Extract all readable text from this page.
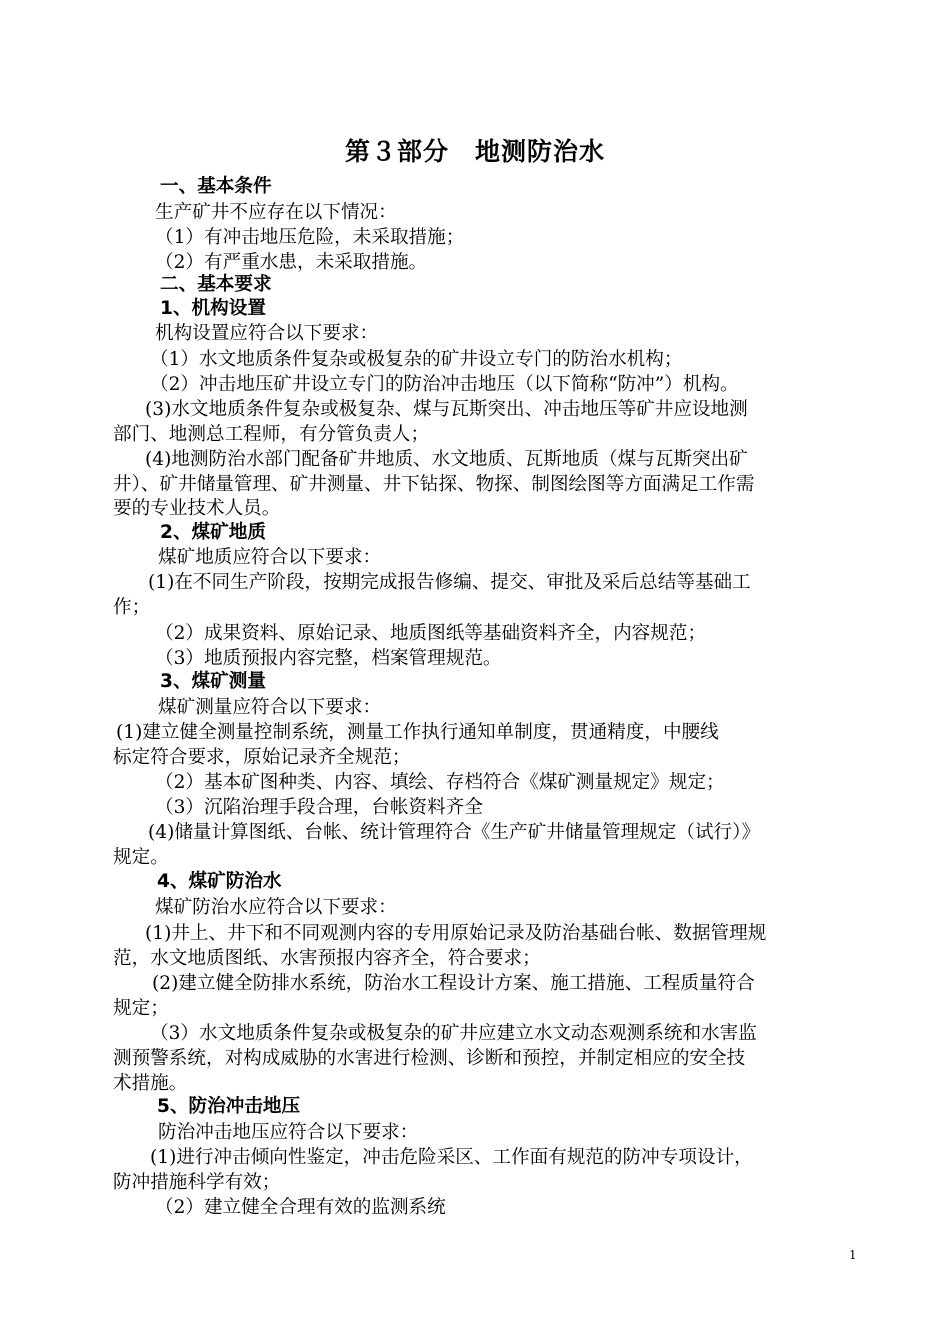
第３部分　地测防治水
一、基本条件
生产矿井不应存在以下情况：
（1）有冲击地压危险，未采取措施；
（2）有严重水患，未采取措施。
二、基本要求
1、机构设置
机构设置应符合以下要求：
（1）水文地质条件复杂或极复杂的矿井设立专门的防治水机构；
（2）冲击地压矿井设立专门的防治冲击地压（以下简称“防冲”）机构。
(3)水文地质条件复杂或极复杂、煤与瓦斯突出、冲击地压等矿井应设地测
部门、地测总工程师，有分管负责人；
(4)地测防治水部门配备矿井地质、水文地质、瓦斯地质（煤与瓦斯突出矿
井）、矿井储量管理、矿井测量、井下钻探、物探、制图绘图等方面满足工作需
要的专业技术人员。
2、煤矿地质
煤矿地质应符合以下要求：
(1)在不同生产阶段，按期完成报告修编、提交、审批及采后总结等基础工
作；
（2）成果资料、原始记录、地质图纸等基础资料齐全，内容规范；
（3）地质预报内容完整，档案管理规范。
3、煤矿测量
煤矿测量应符合以下要求：
(1)建立健全测量控制系统，测量工作执行通知单制度，贯通精度，中腰线
标定符合要求，原始记录齐全规范；
（2）基本矿图种类、内容、填绘、存档符合《煤矿测量规定》规定；
（3）沉陷治理手段合理，台帐资料齐全
(4)储量计算图纸、台帐、统计管理符合《生产矿井储量管理规定（试行）》
规定。
4、煤矿防治水
煤矿防治水应符合以下要求：
(1)井上、井下和不同观测内容的专用原始记录及防治基础台帐、数据管理规
范，水文地质图纸、水害预报内容齐全，符合要求；
(2)建立健全防排水系统，防治水工程设计方案、施工措施、工程质量符合
规定；
（3）水文地质条件复杂或极复杂的矿井应建立水文动态观测系统和水害监
测预警系统，对构成威胁的水害进行检测、诊断和预控，并制定相应的安全技
术措施。
5、防治冲击地压
防治冲击地压应符合以下要求：
(1)进行冲击倾向性鉴定，冲击危险采区、工作面有规范的防冲专项设计，
防冲措施科学有效；
（2）建立健全合理有效的监测系统
1
